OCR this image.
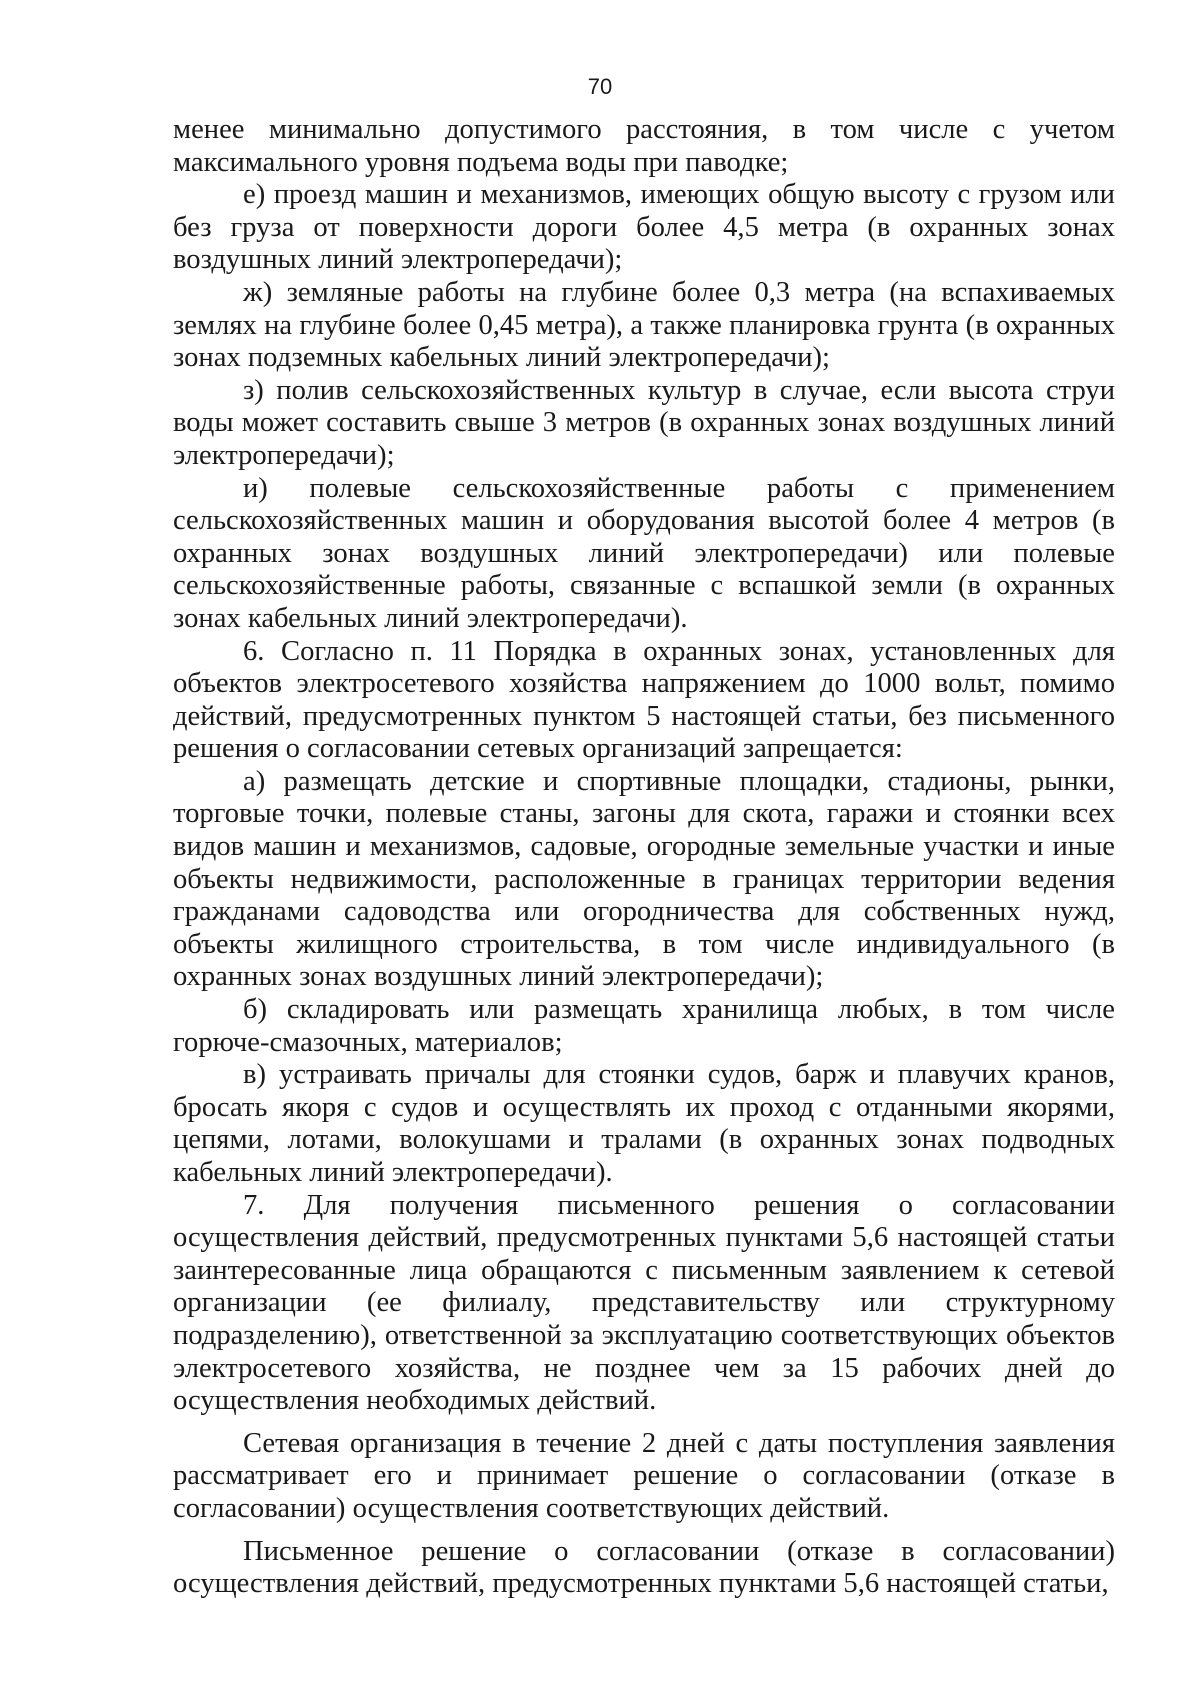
70

менее минимально допустимого расстояния, в том числе с учетом максимального уровня подъема воды при паводке;

е) проезд машин и механизмов, имеющих общую высоту с грузом или без груза от поверхности дороги более 4,5 метра (в охранных зонах воздушных линий электропередачи);

ж) земляные работы на глубине более 0,3 метра (на вспахиваемых землях на глубине более 0,45 метра), а также планировка грунта (в охранных зонах подземных кабельных линий электропередачи);

з) полив сельскохозяйственных культур в случае, если высота струи воды может составить свыше 3 метров (в охранных зонах воздушных линий электропередачи);

и) полевые сельскохозяйственные работы с применением сельскохозяйственных машин и оборудования высотой более 4 метров (в охранных зонах воздушных линий электропередачи) или полевые сельскохозяйственные работы, связанные с вспашкой земли (в охранных зонах кабельных линий электропередачи).

6. Согласно п. 11 Порядка в охранных зонах, установленных для объектов электросетевого хозяйства напряжением до 1000 вольт, помимо действий, предусмотренных пунктом 5 настоящей статьи, без письменного решения о согласовании сетевых организаций запрещается:

а) размещать детские и спортивные площадки, стадионы, рынки, торговые точки, полевые станы, загоны для скота, гаражи и стоянки всех видов машин и механизмов, садовые, огородные земельные участки и иные объекты недвижимости, расположенные в границах территории ведения гражданами садоводства или огородничества для собственных нужд, объекты жилищного строительства, в том числе индивидуального (в охранных зонах воздушных линий электропередачи);

б) складировать или размещать хранилища любых, в том числе горюче-смазочных, материалов;

в) устраивать причалы для стоянки судов, барж и плавучих кранов, бросать якоря с судов и осуществлять их проход с отданными якорями, цепями, лотами, волокушами и тралами (в охранных зонах подводных кабельных линий электропередачи).

7. Для получения письменного решения о согласовании осуществления действий, предусмотренных пунктами 5,6 настоящей статьи заинтересованные лица обращаются с письменным заявлением к сетевой организации (ее филиалу, представительству или структурному подразделению), ответственной за эксплуатацию соответствующих объектов электросетевого хозяйства, не позднее чем за 15 рабочих дней до осуществления необходимых действий.

Сетевая организация в течение 2 дней с даты поступления заявления рассматривает его и принимает решение о согласовании (отказе в согласовании) осуществления соответствующих действий.

Письменное решение о согласовании (отказе в согласовании) осуществления действий, предусмотренных пунктами 5,6 настоящей статьи,
